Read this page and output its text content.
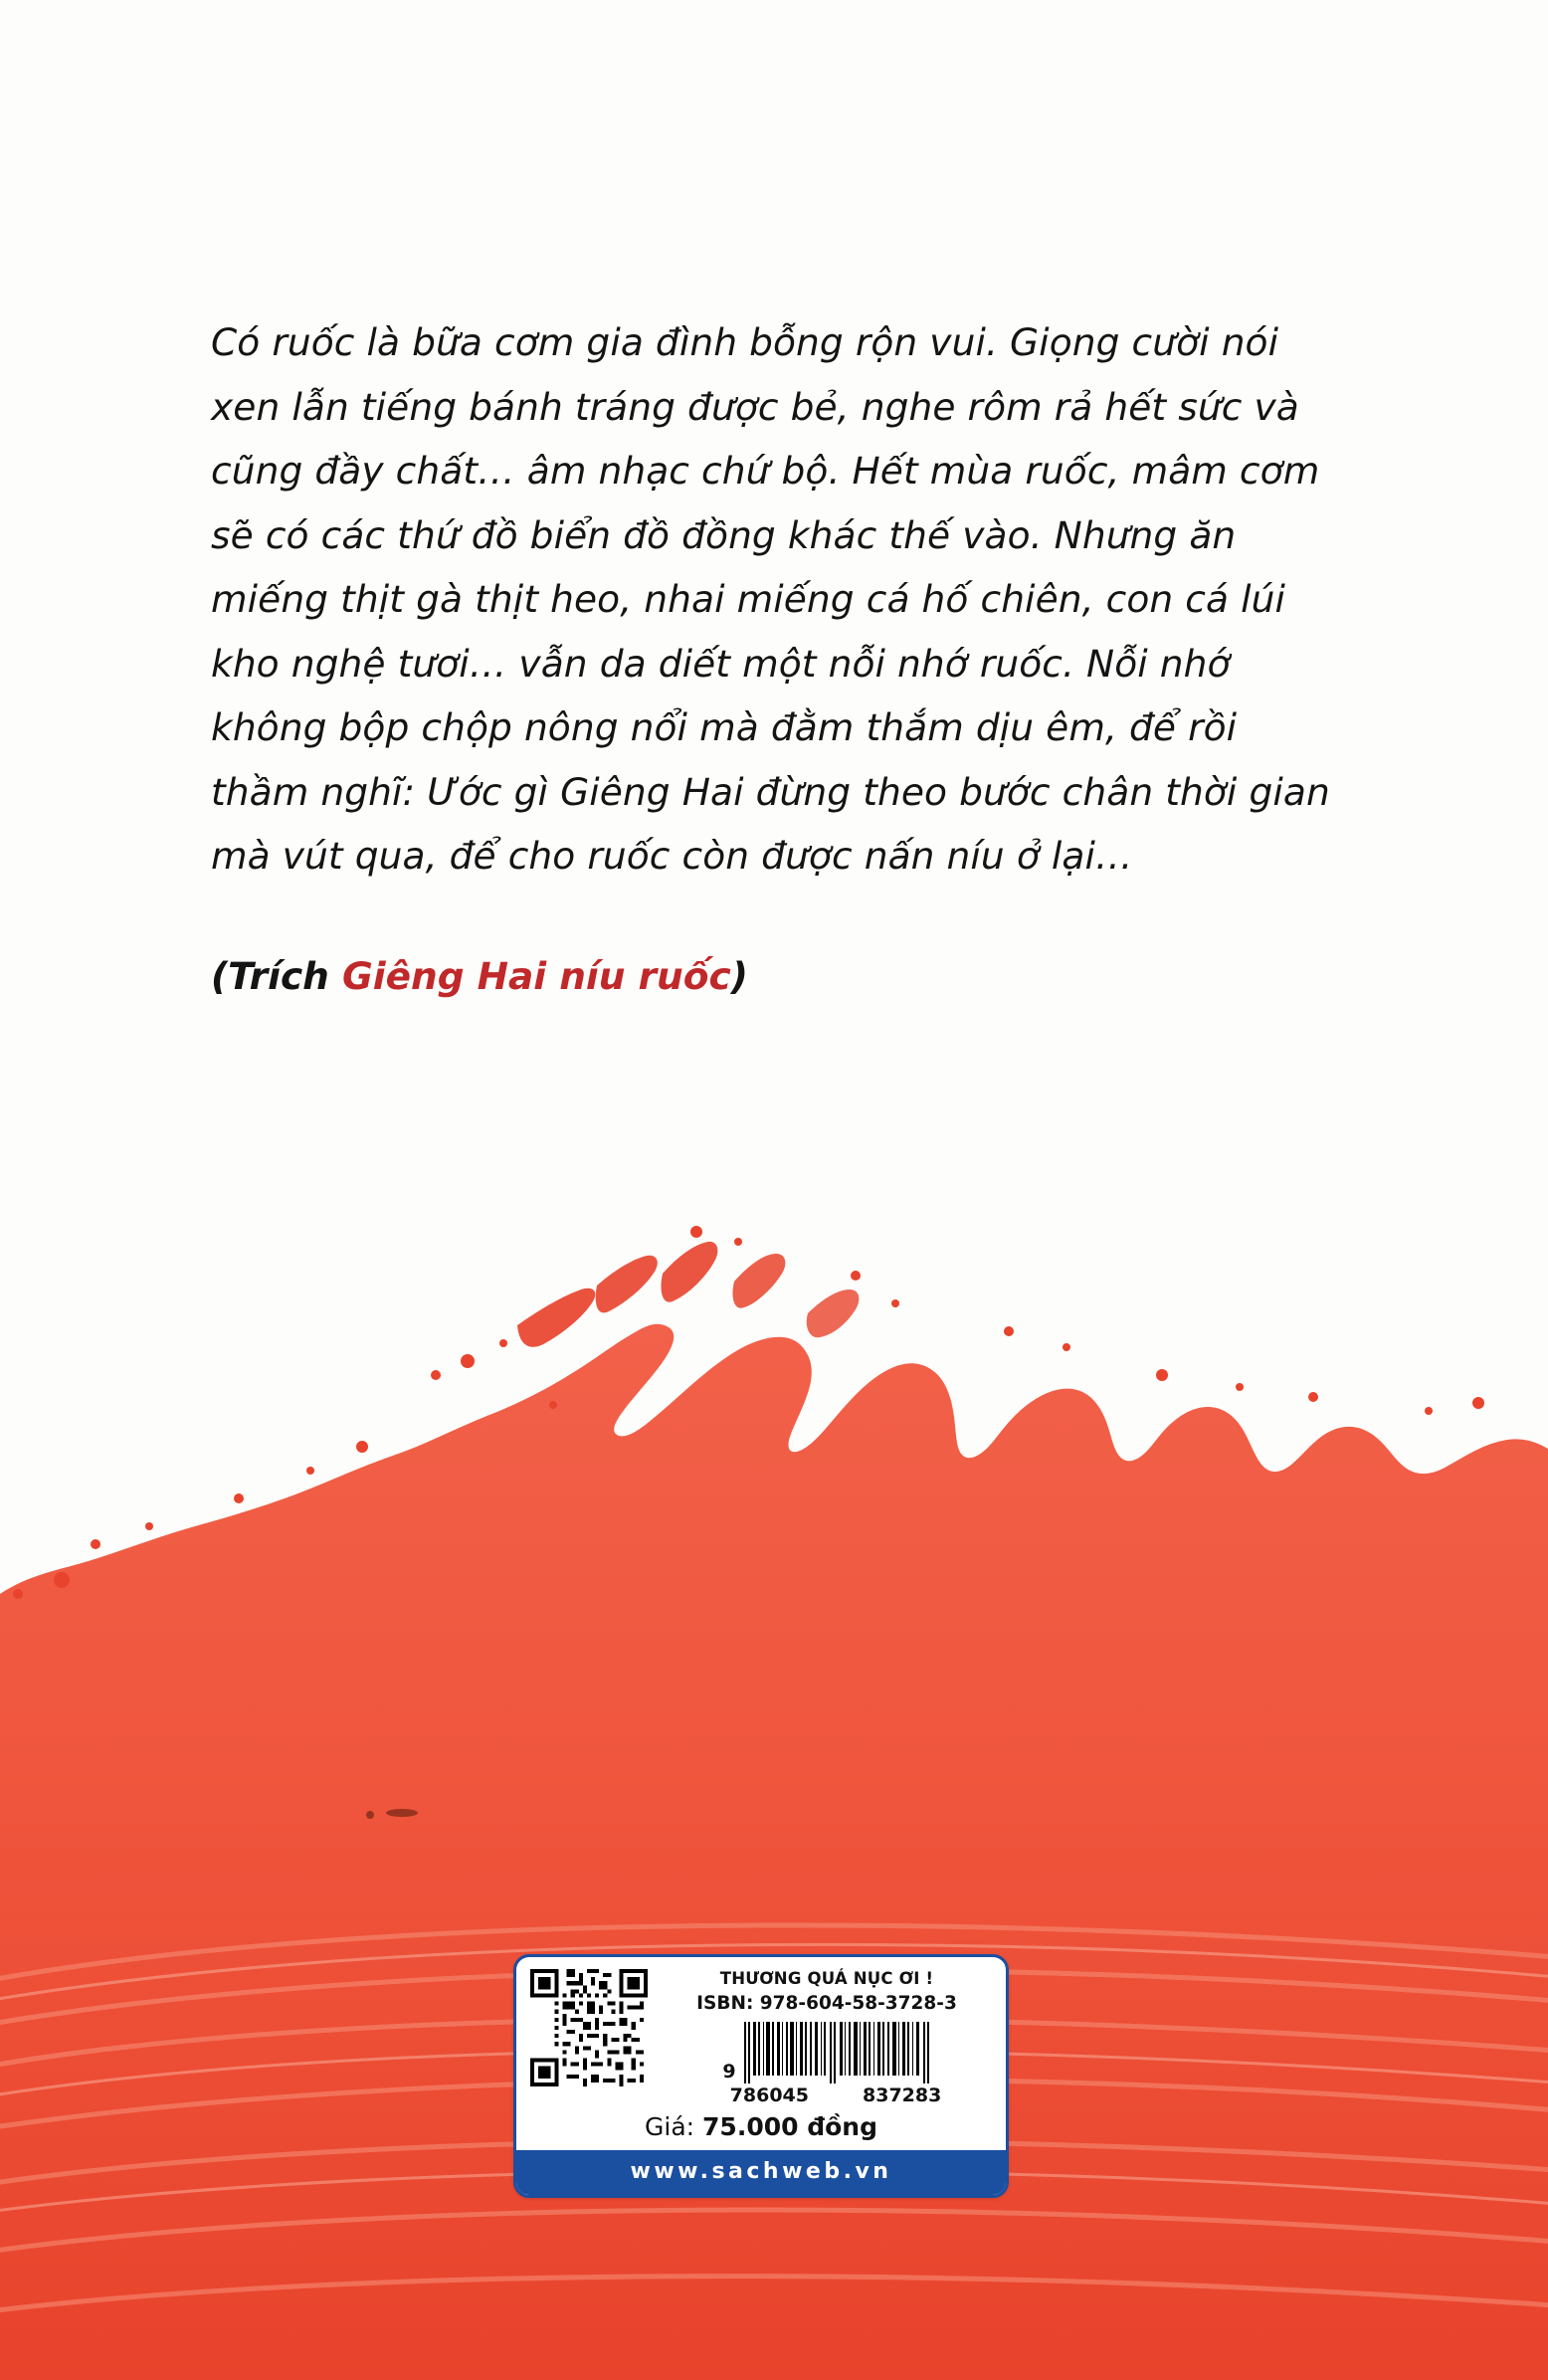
Có ruốc là bữa cơm gia đình bỗng rộn vui. Giọng cười nói xen lẫn tiếng bánh tráng được bẻ, nghe rôm rả hết sức và cũng đầy chất… âm nhạc chứ bộ. Hết mùa ruốc, mâm cơm sẽ có các thứ đồ biển đồ đồng khác thế vào. Nhưng ăn miếng thịt gà thịt heo, nhai miếng cá hố chiên, con cá lúi kho nghệ tươi… vẫn da diết một nỗi nhớ ruốc. Nỗi nhớ không bộp chộp nông nổi mà đằm thắm dịu êm, để rồi thầm nghĩ: Ước gì Giêng Hai đừng theo bước chân thời gian mà vút qua, để cho ruốc còn được nấn níu ở lại…

(Trích Giêng Hai níu ruốc)
THƯƠNG QUÁ NỤC ƠI !
ISBN: 978-604-58-3728-3
9
786045	837283
Giá: 75.000 đồng
www.sachweb.vn
